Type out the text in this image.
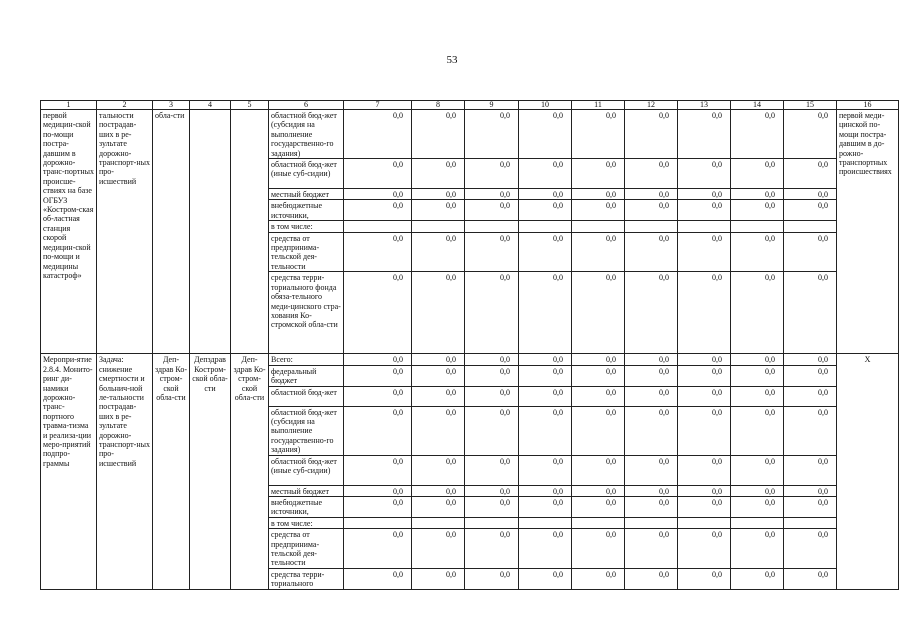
53
1	2	3	4	5	6	7	8	9	10	11	12	13	14	15	16
первой медицин-ской по-мощи постра-давшим в дорожно-транс-портных происше-ствиях на базе ОГБУЗ «Костром-ская об-ластная станция скорой медицин-ской по-мощи и медицины катастроф»	тальности пострадав-ших в ре-зультате дорожно-транспорт-ных про-исшествий	обла-сти			областной бюд-жет (субсидия на выполнение государственно-го задания)	0,0	0,0	0,0	0,0	0,0	0,0	0,0	0,0	0,0	первой меди-цинской по-мощи постра-давшим в до-рожно-транспортных происшествиях
					областной бюд-жет (иные суб-сидии)	0,0	0,0	0,0	0,0	0,0	0,0	0,0	0,0	0,0	
					местный бюджет	0,0	0,0	0,0	0,0	0,0	0,0	0,0	0,0	0,0	
					внебюджетные источники,	0,0	0,0	0,0	0,0	0,0	0,0	0,0	0,0	0,0	
					в том числе:										
					средства от предпринима-тельской дея-тельности	0,0	0,0	0,0	0,0	0,0	0,0	0,0	0,0	0,0	
					средства терри-ториального фонда обяза-тельного меди-цинского стра-хования Ко-стромской обла-сти	0,0	0,0	0,0	0,0	0,0	0,0	0,0	0,0	0,0	
Меропри-ятие 2.8.4. Монито-ринг ди-намики дорожно-транс-портного травма-тизма и реализа-ции меро-приятий подпро-граммы	Задача: снижение смертности и больнич-ной ле-тальности пострадав-ших в ре-зультате дорожно-транспорт-ных про-исшествий	Деп-здрав Ко-стром-ской обла-сти	Депздрав Костром-ской обла-сти	Деп-здрав Ко-стром-ской обла-сти	Всего:	0,0	0,0	0,0	0,0	0,0	0,0	0,0	0,0	0,0	X
					федеральный бюджет	0,0	0,0	0,0	0,0	0,0	0,0	0,0	0,0	0,0	
					областной бюд-жет	0,0	0,0	0,0	0,0	0,0	0,0	0,0	0,0	0,0	
					областной бюд-жет (субсидия на выполнение государственно-го задания)	0,0	0,0	0,0	0,0	0,0	0,0	0,0	0,0	0,0	
					областной бюд-жет (иные суб-сидии)	0,0	0,0	0,0	0,0	0,0	0,0	0,0	0,0	0,0	
					местный бюджет	0,0	0,0	0,0	0,0	0,0	0,0	0,0	0,0	0,0	
					внебюджетные источники,	0,0	0,0	0,0	0,0	0,0	0,0	0,0	0,0	0,0	
					в том числе:										
					средства от предпринима-тельской дея-тельности	0,0	0,0	0,0	0,0	0,0	0,0	0,0	0,0	0,0	
					средства терри-ториального	0,0	0,0	0,0	0,0	0,0	0,0	0,0	0,0	0,0	
